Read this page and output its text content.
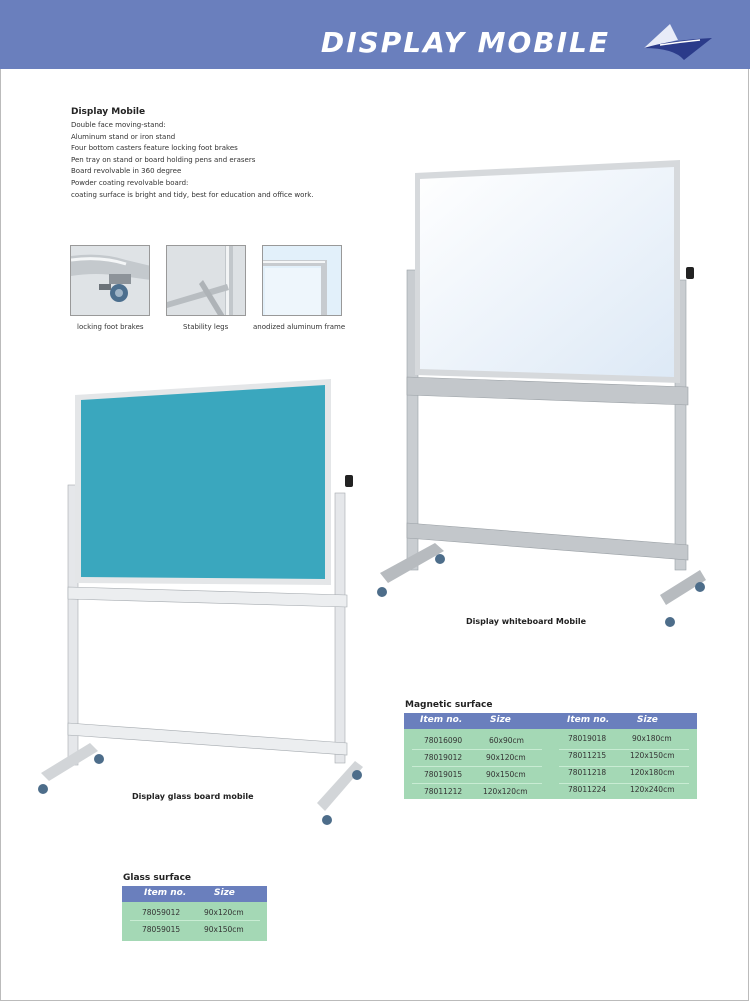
DISPLAY MOBILE
Display Mobile
Double face moving-stand:
Aluminum stand or iron stand
Four bottom casters feature locking foot brakes
Pen tray on stand or board holding pens and erasers
Board revolvable in 360 degree
Powder coating revolvable board:
coating surface is bright and tidy, best for education and office work.
locking foot brakes	Stability legs	anodized aluminum frame
Display whiteboard Mobile
Display glass board mobile
Magnetic surface
Item no.	Size	Item no.	Size
78016090	60x90cm
78019012	90x120cm
78019015	90x150cm
78011212	120x120cm
78019018	90x180cm
78011215	120x150cm
78011218	120x180cm
78011224	120x240cm
Glass surface
Item no.	Size
78059012	90x120cm
78059015	90x150cm
